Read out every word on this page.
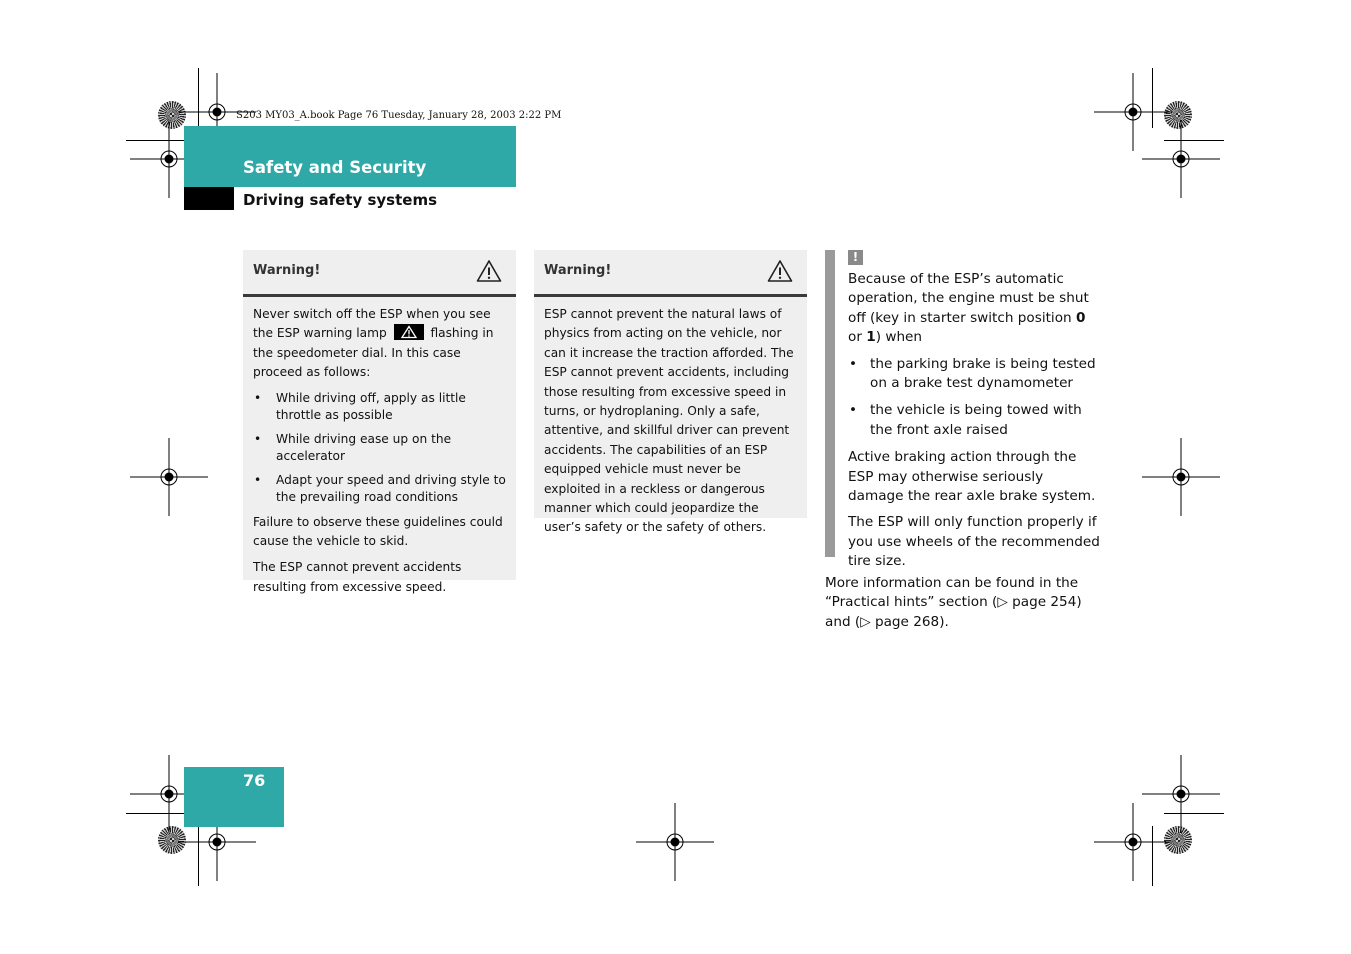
S203 MY03_A.book Page 76 Tuesday, January 28, 2003 2:22 PM
Safety and Security
Driving safety systems
Warning!

Never switch off the ESP when you see the ESP warning lamp	flashing in the speedometer dial. In this case proceed as follows:

• While driving off, apply as little throttle as possible
• While driving ease up on the accelerator
• Adapt your speed and driving style to the prevailing road conditions

Failure to observe these guidelines could cause the vehicle to skid.

The ESP cannot prevent accidents resulting from excessive speed.

Warning!

ESP cannot prevent the natural laws of physics from acting on the vehicle, nor can it increase the traction afforded. The ESP cannot prevent accidents, including those resulting from excessive speed in turns, or hydroplaning. Only a safe, attentive, and skillful driver can prevent accidents. The capabilities of an ESP equipped vehicle must never be exploited in a reckless or dangerous manner which could jeopardize the user’s safety or the safety of others.

!

Because of the ESP’s automatic operation, the engine must be shut off (key in starter switch position 0 or 1) when

• the parking brake is being tested on a brake test dynamometer
• the vehicle is being towed with the front axle raised

Active braking action through the ESP may otherwise seriously damage the rear axle brake system.

The ESP will only function properly if you use wheels of the recommended tire size.

More information can be found in the “Practical hints” section (▷ page 254) and (▷ page 268).
76
